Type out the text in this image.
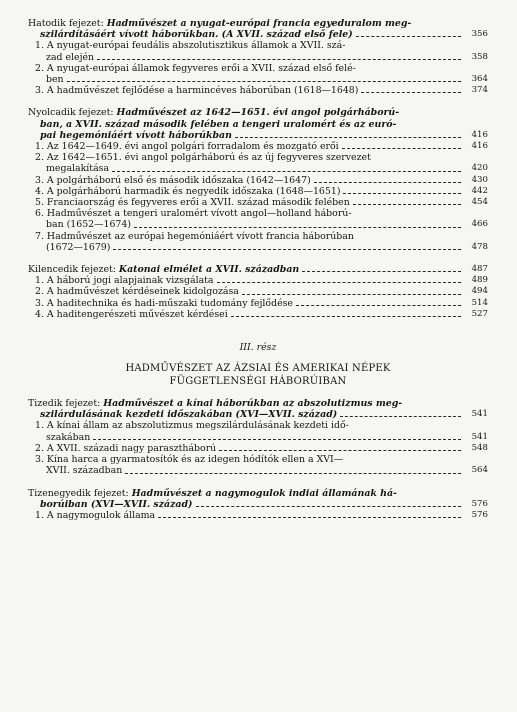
Hatodik fejezet: Hadművészet a nyugat-európai francia egyeduralom meg-
szilárdításáért vívott háborúkban. (A XVII. század első fele)	356
1. A nyugat-európai feudális abszolutisztikus államok a XVII. szá-
zad elején	358
2. A nyugat-európai államok fegyveres erői a XVII. század első felé-
ben	364
3. A hadművészet fejlődése a harmincéves háborúban (1618—1648)	374
Nyolcadik fejezet: Hadművészet az 1642—1651. évi angol polgárháború-
ban, a XVII. század második felében a tengeri uralomért és az euró-
pai hegemóniáért vívott háborúkban	416
1. Az 1642—1649. évi angol polgári forradalom és mozgató erői	416
2. Az 1642—1651. évi angol polgárháború és az új fegyveres szervezet
megalakítása	420
3. A polgárháború első és második időszaka (1642—1647)	430
4. A polgárháború harmadik és negyedik időszaka (1648—1651)	442
5. Franciaország és fegyveres erői a XVII. század második felében	454
6. Hadművészet a tengeri uralomért vívott angol—holland háború-
ban (1652—1674)	466
7. Hadművészet az európai hegemóniáért vívott francia háborúban
(1672—1679)	478
Kilencedik fejezet: Katonai elmélet a XVII. században	487
1. A háború jogi alapjainak vizsgálata	489
2. A hadművészet kérdéseinek kidolgozása	494
3. A haditechnika és hadi-műszaki tudomány fejlődése	514
4. A haditengerészeti művészet kérdései	527
III. rész
HADMŰVÉSZET AZ ÁZSIAI ÉS AMERIKAI NÉPEK
FÜGGETLENSÉGI HÁBORÚIBAN
Tizedik fejezet: Hadművészet a kínai háborúkban az abszolutizmus meg-
szilárdulásának kezdeti időszakában (XVI—XVII. század)	541
1. A kínai állam az abszolutizmus megszilárdulásának kezdeti idő-
szakában	541
2. A XVII. századi nagy parasztháború	548
3. Kína harca a gyarmatosítók és az idegen hódítók ellen a XVI—
XVII. században	564
Tizenegyedik fejezet: Hadművészet a nagymogulok indiai államának há-
borúiban (XVI—XVII. század)	576
1. A nagymogulok állama	576
